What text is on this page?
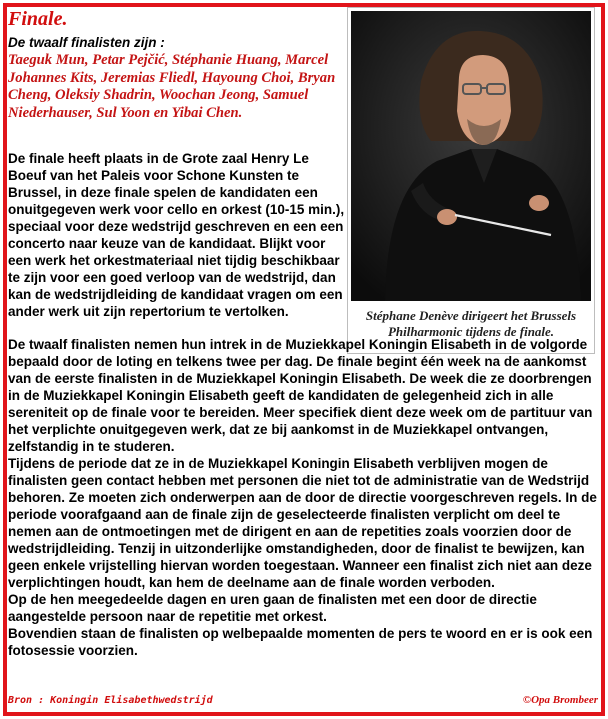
Finale.

De twaalf finalisten zijn :

Taeguk Mun, Petar Pejčić, Stéphanie Huang, Marcel Johannes Kits, Jeremias Fliedl, Hayoung Choi, Bryan Cheng, Oleksiy Shadrin, Woochan Jeong, Samuel Niederhauser, Sul Yoon en Yibai Chen.

De finale heeft plaats in de Grote zaal Henry Le Boeuf van het Paleis voor Schone Kunsten te Brussel, in deze finale spelen de kandidaten een onuitgegeven werk voor cello en orkest (10-15 min.), speciaal voor deze wedstrijd geschreven en een een concerto naar keuze van de kandidaat. Blijkt voor een werk het orkestmateriaal niet tijdig beschikbaar te zijn voor een goed verloop van de wedstrijd, dan kan de wedstrijdleiding de kandidaat vragen om een ander werk uit zijn repertorium te vertolken.	Stéphane Denève dirigeert het Brussels Philharmonic tijdens de finale.

De twaalf finalisten nemen hun intrek in de Muziekkapel Koningin Elisabeth in de volgorde bepaald door de loting en telkens twee per dag. De finale begint één week na de aankomst van de eerste finalisten in de Muziekkapel Koningin Elisabeth. De week die ze doorbrengen in de Muziekkapel Koningin Elisabeth geeft de kandidaten de gelegenheid zich in alle sereniteit op de finale voor te bereiden. Meer specifiek dient deze week om de partituur van het verplichte onuitgegeven werk, dat ze bij aankomst in de Muziekkapel ontvangen, zelfstandig in te studeren.

Tijdens de periode dat ze in de Muziekkapel Koningin Elisabeth verblijven mogen de finalisten geen contact hebben met personen die niet tot de administratie van de Wedstrijd behoren. Ze moeten zich onderwerpen aan de door de directie voorgeschreven regels. In de periode voorafgaand aan de finale zijn de geselecteerde finalisten verplicht om deel te nemen aan de ontmoetingen met de dirigent en aan de repetities zoals voorzien door de wedstrijdleiding. Tenzij in uitzonderlijke omstandigheden, door de finalist te bewijzen, kan geen enkele vrijstelling hiervan worden toegestaan. Wanneer een finalist zich niet aan deze verplichtingen houdt, kan hem de deelname aan de finale worden verboden.

Op de hen meegedeelde dagen en uren gaan de finalisten met een door de directie aangestelde persoon naar de repetitie met orkest.

Bovendien staan de finalisten op welbepaalde momenten de pers te woord en er is ook een fotosessie voorzien.

Bron : Koningin Elisabethwedstrijd	©Opa Brombeer
